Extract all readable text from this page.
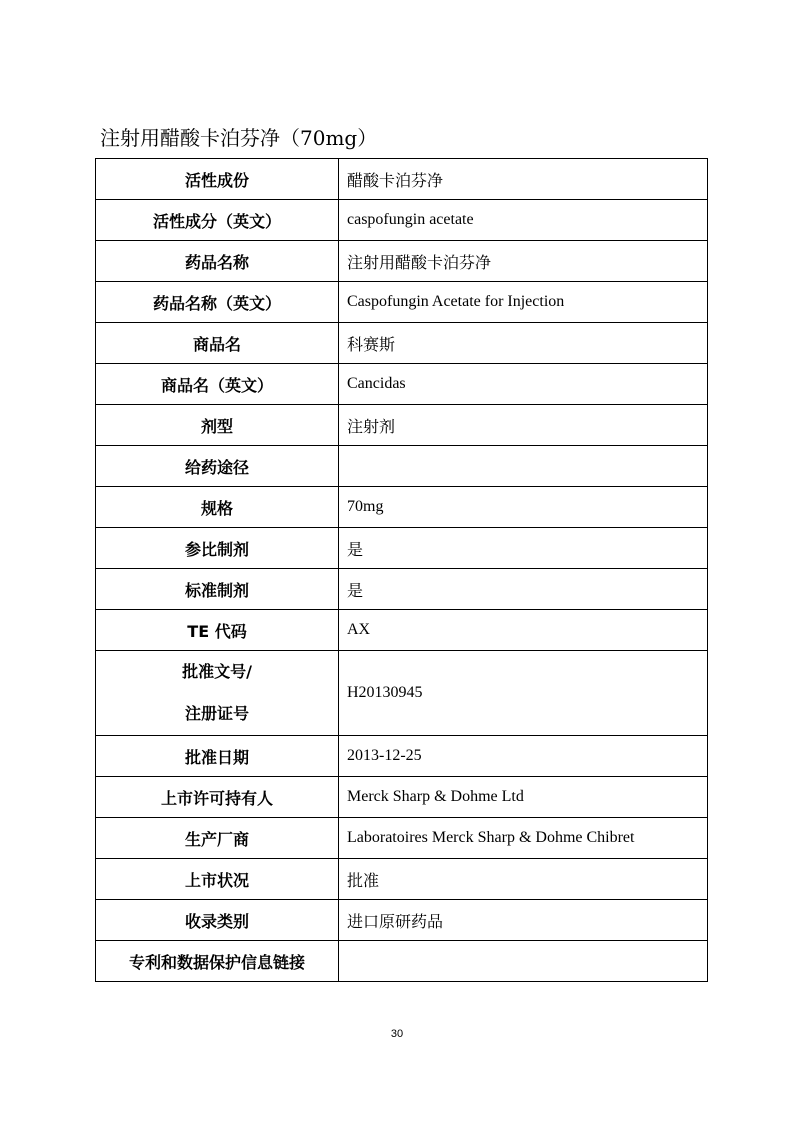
注射用醋酸卡泊芬净（70mg）
活性成份	醋酸卡泊芬净
活性成分（英文）	caspofungin acetate
药品名称	注射用醋酸卡泊芬净
药品名称（英文）	Caspofungin Acetate for Injection
商品名	科赛斯
商品名（英文）	Cancidas
剂型	注射剂
给药途径	
规格	70mg
参比制剂	是
标准制剂	是
TE 代码	AX

批准文号/
注册证号	H20130945
批准日期	2013-12-25
上市许可持有人	Merck Sharp & Dohme Ltd
生产厂商	Laboratoires Merck Sharp & Dohme Chibret
上市状况	批准
收录类别	进口原研药品
专利和数据保护信息链接	
30
